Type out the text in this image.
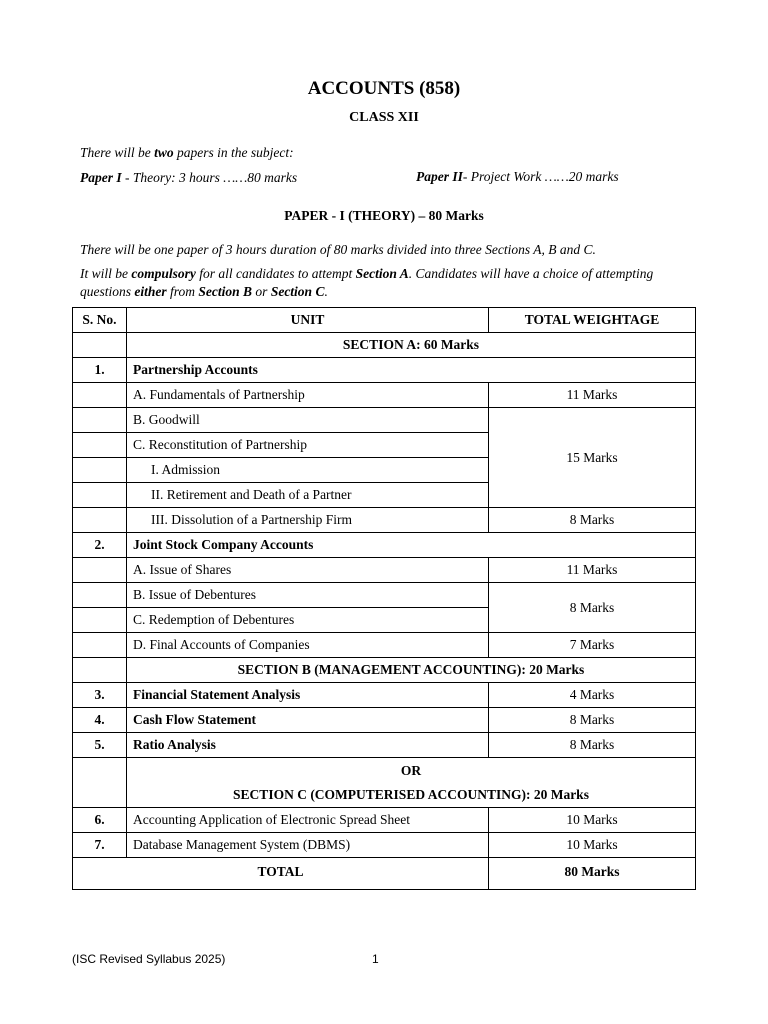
ACCOUNTS (858)
CLASS XII
There will be two papers in the subject:
Paper I - Theory: 3 hours ……80 marks	Paper II- Project Work ……20 marks
PAPER - I (THEORY) – 80 Marks
There will be one paper of 3 hours duration of 80 marks divided into three Sections A, B and C.
It will be compulsory for all candidates to attempt Section A. Candidates will have a choice of attempting questions either from Section B or Section C.
S. No.	UNIT	TOTAL WEIGHTAGE
	SECTION A: 60 Marks	
1.	Partnership Accounts	
	A. Fundamentals of Partnership	11 Marks
	B. Goodwill	15 Marks
	C. Reconstitution of Partnership	
	I. Admission	
	II. Retirement and Death of a Partner	
	III. Dissolution of a Partnership Firm	8 Marks
2.	Joint Stock Company Accounts	
	A. Issue of Shares	11 Marks
	B. Issue of Debentures	8 Marks
	C. Redemption of Debentures	
	D. Final Accounts of Companies	7 Marks
	SECTION B (MANAGEMENT ACCOUNTING): 20 Marks	
3.	Financial Statement Analysis	4 Marks
4.	Cash Flow Statement	8 Marks
5.	Ratio Analysis	8 Marks

	OR
SECTION C (COMPUTERISED ACCOUNTING): 20 Marks	

6.	Accounting Application of Electronic Spread Sheet	10 Marks
7.	Database Management System (DBMS)	10 Marks
TOTAL		80 Marks
(ISC Revised Syllabus 2025)	1
